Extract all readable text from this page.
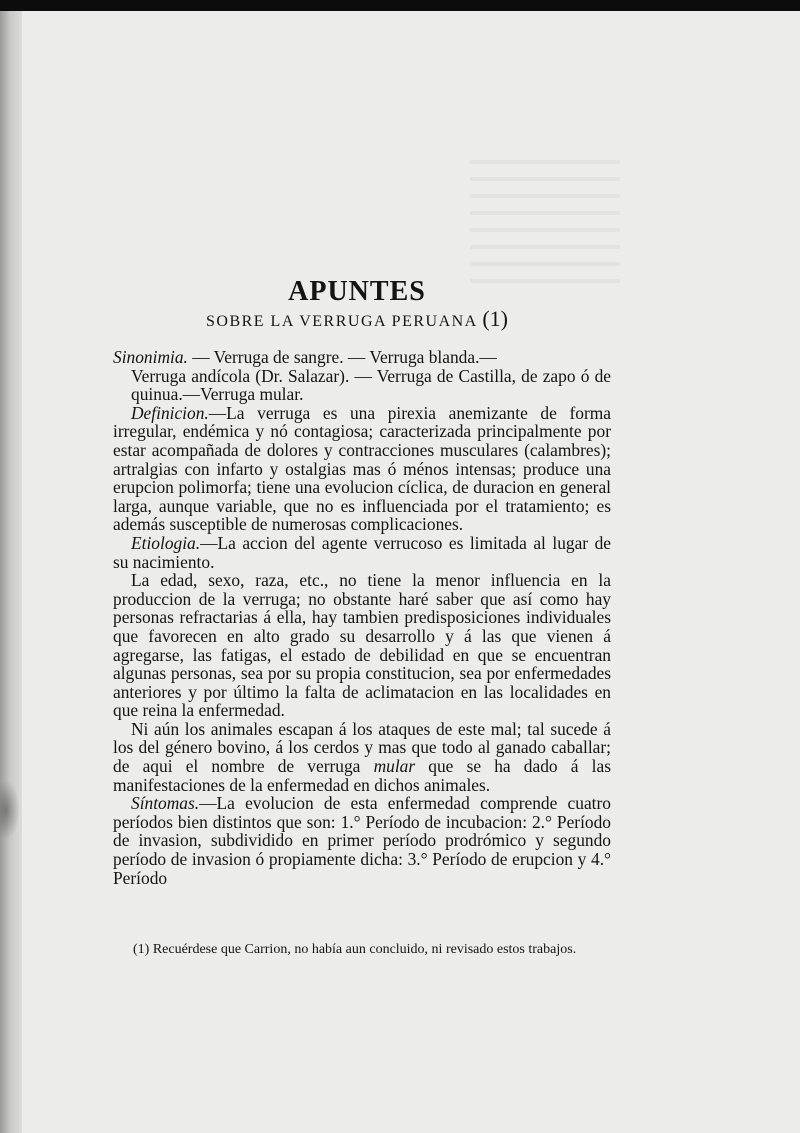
APUNTES
SOBRE LA VERRUGA PERUANA (1)

Sinonimia. — Verruga de sangre. — Verruga blanda.—

Verruga andícola (Dr. Salazar). — Verruga de Castilla, de zapo ó de quinua.—Verruga mular.

Definicion.—La verruga es una pirexia anemizante de forma irregular, endémica y nó contagiosa; caracterizada principalmente por estar acompañada de dolores y contracciones musculares (calambres); artralgias con infarto y ostalgias mas ó ménos intensas; produce una erupcion polimorfa; tiene una evolucion cíclica, de duracion en general larga, aunque variable, que no es influenciada por el tratamiento; es además susceptible de numerosas complicaciones.

Etiologia.—La accion del agente verrucoso es limitada al lugar de su nacimiento.

La edad, sexo, raza, etc., no tiene la menor influencia en la produccion de la verruga; no obstante haré saber que así como hay personas refractarias á ella, hay tambien predisposiciones individuales que favorecen en alto grado su desarrollo y á las que vienen á agregarse, las fatigas, el estado de debilidad en que se encuentran algunas personas, sea por su propia constitucion, sea por enfermedades anteriores y por último la falta de aclimatacion en las localidades en que reina la enfermedad.

Ni aún los animales escapan á los ataques de este mal; tal sucede á los del género bovino, á los cerdos y mas que todo al ganado caballar; de aqui el nombre de verruga mular que se ha dado á las manifestaciones de la enfermedad en dichos animales.

Síntomas.—La evolucion de esta enfermedad comprende cuatro períodos bien distintos que son: 1.° Período de incubacion: 2.° Período de invasion, subdividido en primer período prodrómico y segundo período de invasion ó propiamente dicha: 3.° Período de erupcion y 4.° Período

(1) Recuérdese que Carrion, no había aun concluido, ni revisado estos trabajos.
